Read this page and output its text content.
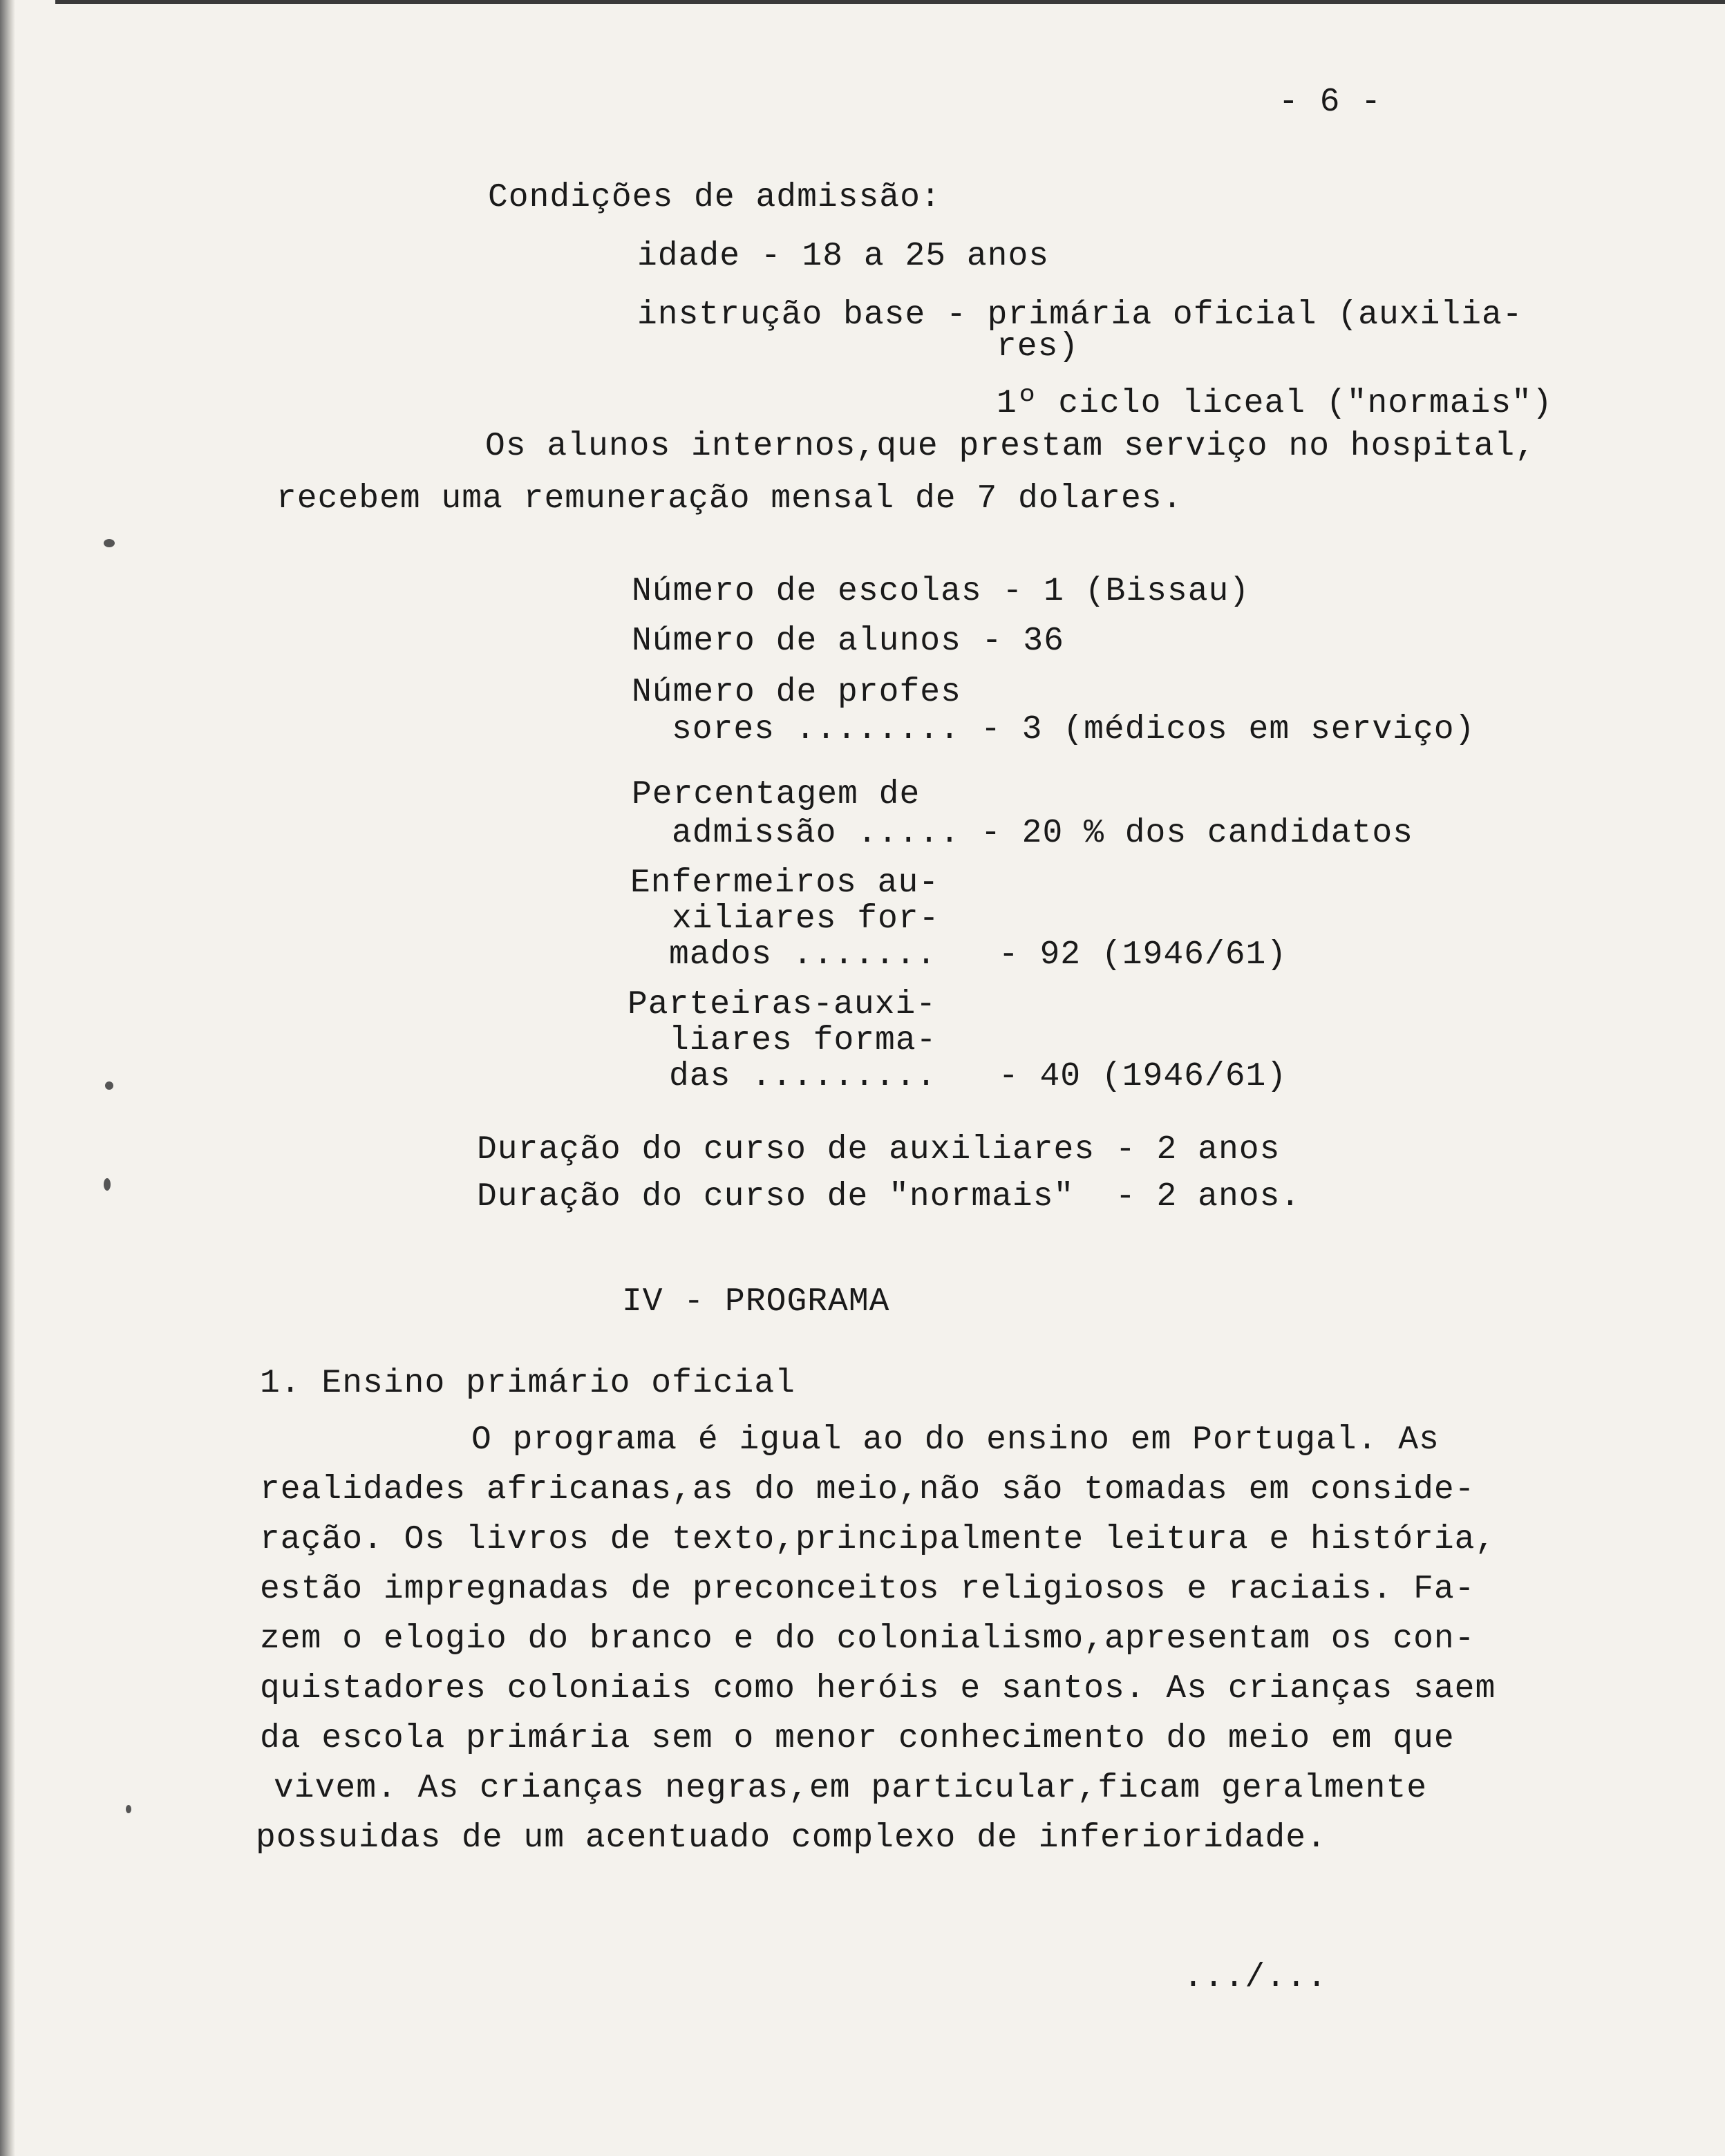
- 6 -
Condições de admissão:
idade - 18 a 25 anos
instrução base - primária oficial (auxilia-
res)
1º ciclo liceal ("normais")
Os alunos internos,que prestam serviço no hospital,
recebem uma remuneração mensal de 7 dolares.
Número de escolas - 1 (Bissau)
Número de alunos - 36
Número de profes
sores ........ - 3 (médicos em serviço)
Percentagem de
admissão ..... - 20 % dos candidatos
Enfermeiros au-
xiliares for-
mados .......   - 92 (1946/61)
Parteiras-auxi-
liares forma-
das .........   - 40 (1946/61)
Duração do curso de auxiliares - 2 anos
Duração do curso de "normais"  - 2 anos.
IV - PROGRAMA
1. Ensino primário oficial
O programa é igual ao do ensino em Portugal. As
realidades africanas,as do meio,não são tomadas em conside-
ração. Os livros de texto,principalmente leitura e história,
estão impregnadas de preconceitos religiosos e raciais. Fa-
zem o elogio do branco e do colonialismo,apresentam os con-
quistadores coloniais como heróis e santos. As crianças saem
da escola primária sem o menor conhecimento do meio em que
vivem. As crianças negras,em particular,ficam geralmente
possuidas de um acentuado complexo de inferioridade.
.../...
